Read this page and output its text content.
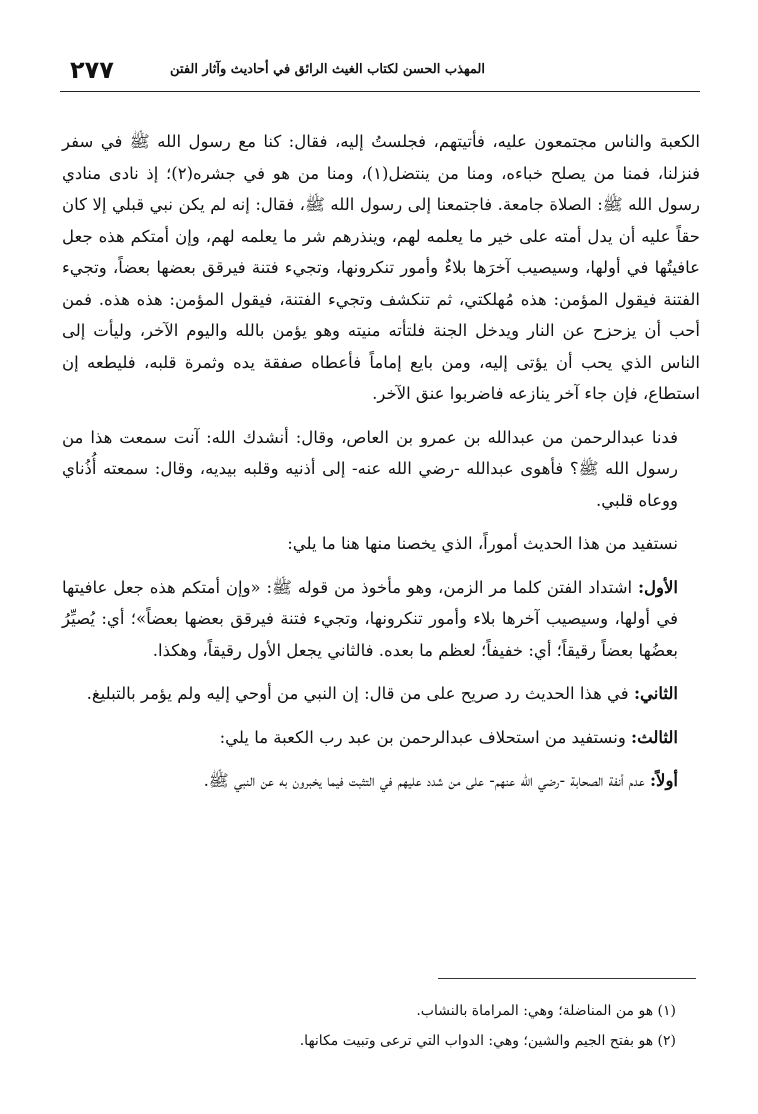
٢٧٧	المهذب الحسن لكتاب الغيث الرائق في أحاديث وآثار الفتن

الكعبة والناس مجتمعون عليه، فأتيتهم، فجلستُ إليه، فقال: كنا مع رسول الله ﷺ في سفر فنزلنا، فمنا من يصلح خباءه، ومنا من ينتضل(١)، ومنا من هو في جشره(٢)؛ إذ نادى منادي رسول الله ﷺ: الصلاة جامعة. فاجتمعنا إلى رسول الله ﷺ، فقال: إنه لم يكن نبي قبلي إلا كان حقاً عليه أن يدل أمته على خير ما يعلمه لهم، وينذرهم شر ما يعلمه لهم، وإن أمتكم هذه جعل عافيتُها في أولها، وسيصيب آخرَها بلاءٌ وأمور تنكرونها، وتجيء فتنة فيرقق بعضها بعضاً، وتجيء الفتنة فيقول المؤمن: هذه مُهلكتي، ثم تنكشف وتجيء الفتنة، فيقول المؤمن: هذه هذه. فمن أحب أن يزحزح عن النار ويدخل الجنة فلتأته منيته وهو يؤمن بالله واليوم الآخر، وليأت إلى الناس الذي يحب أن يؤتى إليه، ومن بايع إماماً فأعطاه صفقة يده وثمرة قلبه، فليطعه إن استطاع، فإن جاء آخر ينازعه فاضربوا عنق الآخر.

فدنا عبدالرحمن من عبدالله بن عمرو بن العاص، وقال: أنشدك الله: آنت سمعت هذا من رسول الله ﷺ؟ فأهوى عبدالله -رضي الله عنه- إلى أذنيه وقلبه بيديه، وقال: سمعته أُذُناي ووعاه قلبي.

نستفيد من هذا الحديث أموراً، الذي يخصنا منها هنا ما يلي:

الأول: اشتداد الفتن كلما مر الزمن، وهو مأخوذ من قوله ﷺ: «وإن أمتكم هذه جعل عافيتها في أولها، وسيصيب آخرها بلاء وأمور تنكرونها، وتجيء فتنة فيرقق بعضها بعضاً»؛ أي: يُصيِّرُ بعضُها بعضاً رقيقاً؛ أي: خفيفاً؛ لعظم ما بعده. فالثاني يجعل الأول رقيقاً، وهكذا.

الثاني: في هذا الحديث رد صريح على من قال: إن النبي من أوحي إليه ولم يؤمر بالتبليغ.

الثالث: ونستفيد من استحلاف عبدالرحمن بن عبد رب الكعبة ما يلي:

أولاً: عدم أنفة الصحابة -رضي الله عنهم- على من شدد عليهم في التثبت فيما يخبرون به عن النبي ﷺ.

(١) هو من المناضلة؛ وهي: المراماة بالنشاب.

(٢) هو بفتح الجيم والشين؛ وهي: الدواب التي ترعى وتبيت مكانها.
